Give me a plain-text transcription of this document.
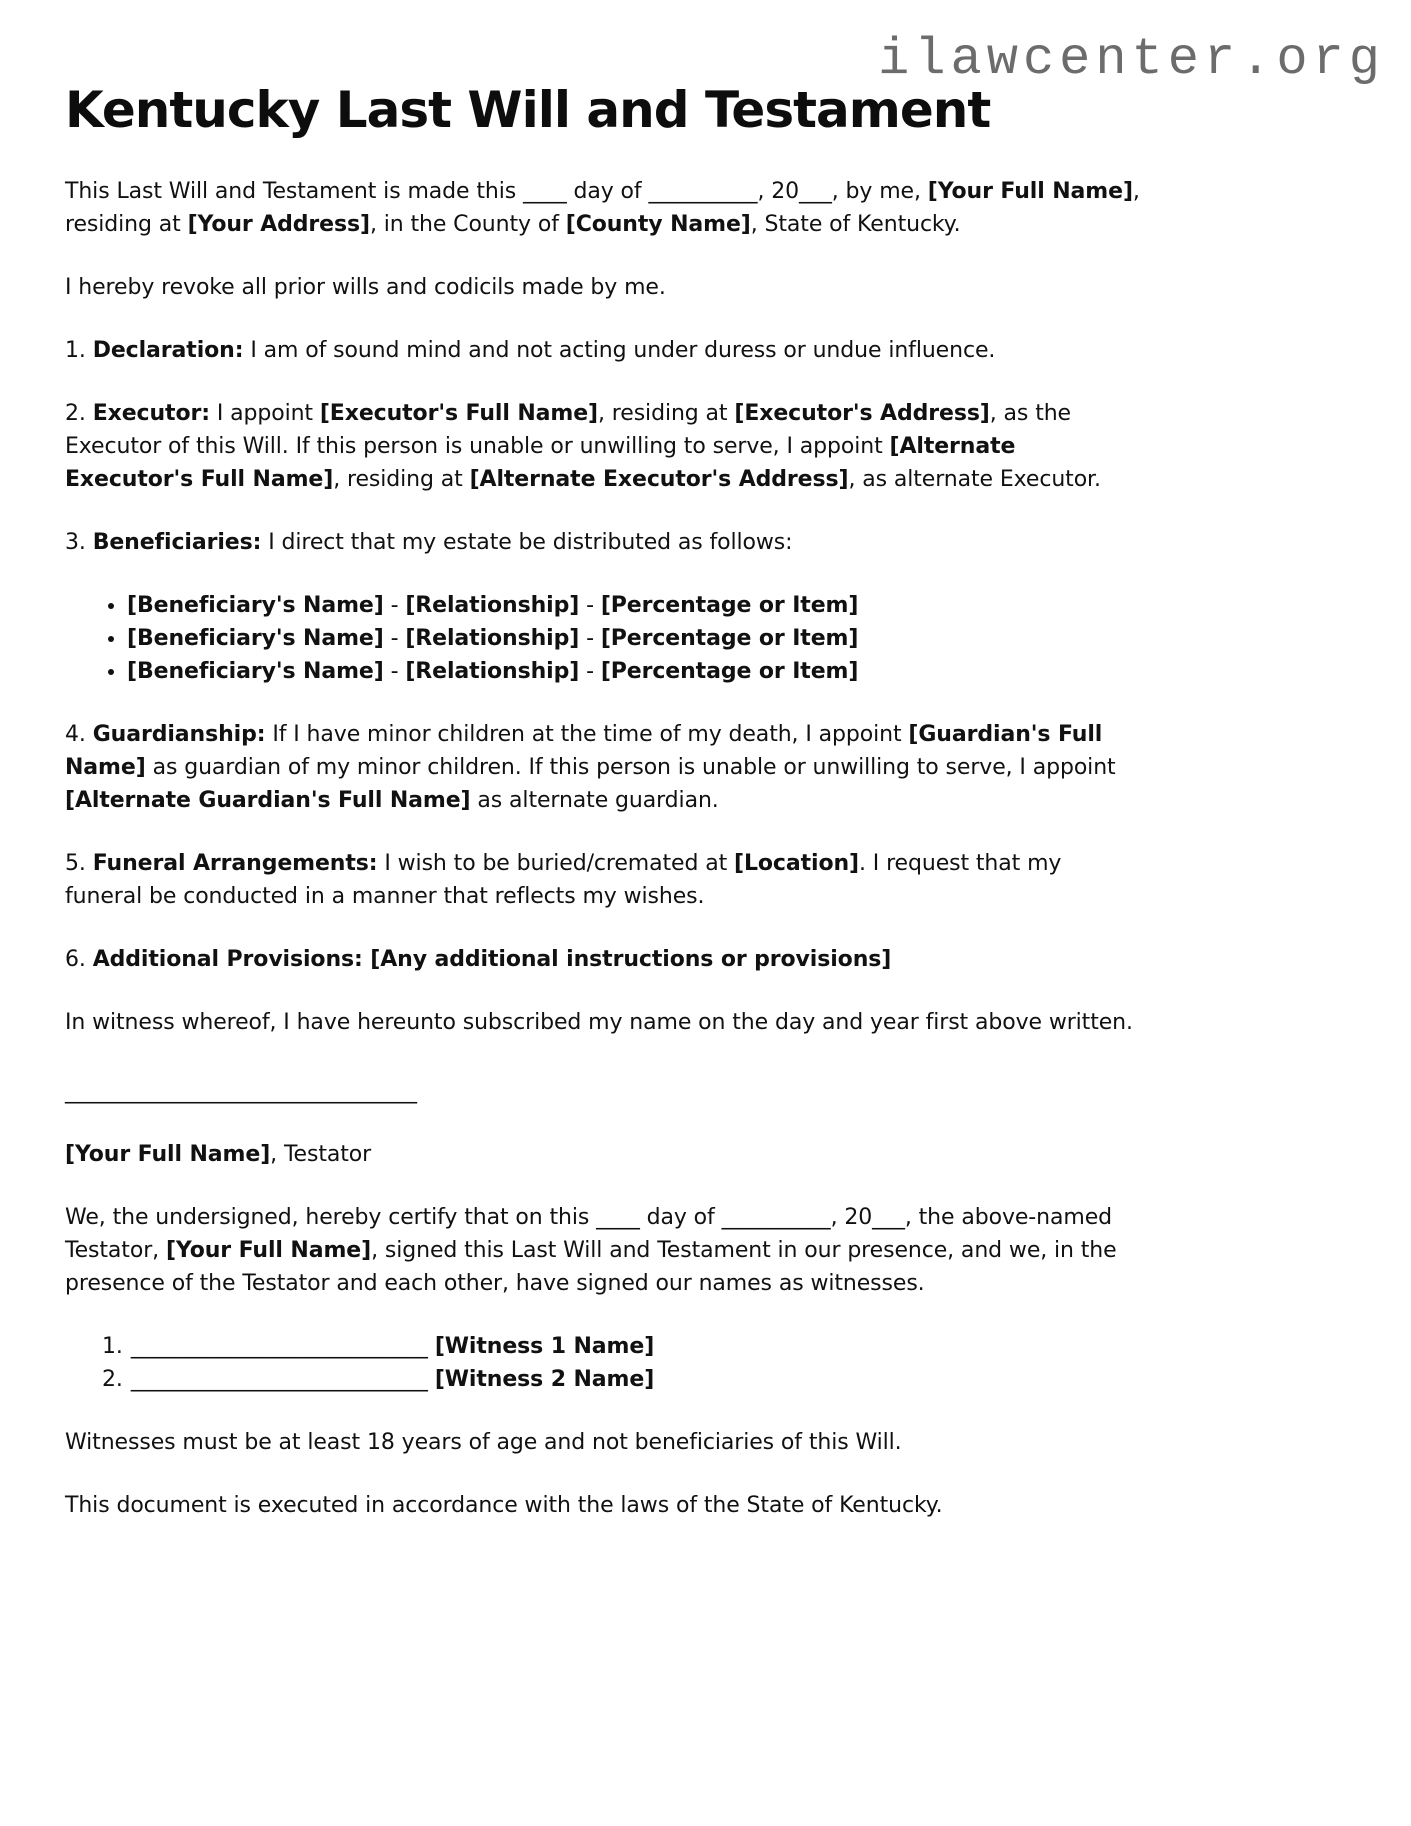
ilawcenter.org
Kentucky Last Will and Testament

This Last Will and Testament is made this ____ day of __________, 20___, by me, [Your Full Name], residing at [Your Address], in the County of [County Name], State of Kentucky.

I hereby revoke all prior wills and codicils made by me.

1. Declaration: I am of sound mind and not acting under duress or undue influence.

2. Executor: I appoint [Executor's Full Name], residing at [Executor's Address], as the Executor of this Will. If this person is unable or unwilling to serve, I appoint [Alternate Executor's Full Name], residing at [Alternate Executor's Address], as alternate Executor.

3. Beneficiaries: I direct that my estate be distributed as follows:

• [Beneficiary's Name] - [Relationship] - [Percentage or Item]
• [Beneficiary's Name] - [Relationship] - [Percentage or Item]
• [Beneficiary's Name] - [Relationship] - [Percentage or Item]

4. Guardianship: If I have minor children at the time of my death, I appoint [Guardian's Full Name] as guardian of my minor children. If this person is unable or unwilling to serve, I appoint [Alternate Guardian's Full Name] as alternate guardian.

5. Funeral Arrangements: I wish to be buried/cremated at [Location]. I request that my funeral be conducted in a manner that reflects my wishes.

6. Additional Provisions: [Any additional instructions or provisions]

In witness whereof, I have hereunto subscribed my name on the day and year first above written.

________________________________

[Your Full Name], Testator

We, the undersigned, hereby certify that on this ____ day of __________, 20___, the above-named Testator, [Your Full Name], signed this Last Will and Testament in our presence, and we, in the presence of the Testator and each other, have signed our names as witnesses.

1. ___________________________ [Witness 1 Name]
2. ___________________________ [Witness 2 Name]

Witnesses must be at least 18 years of age and not beneficiaries of this Will.

This document is executed in accordance with the laws of the State of Kentucky.
